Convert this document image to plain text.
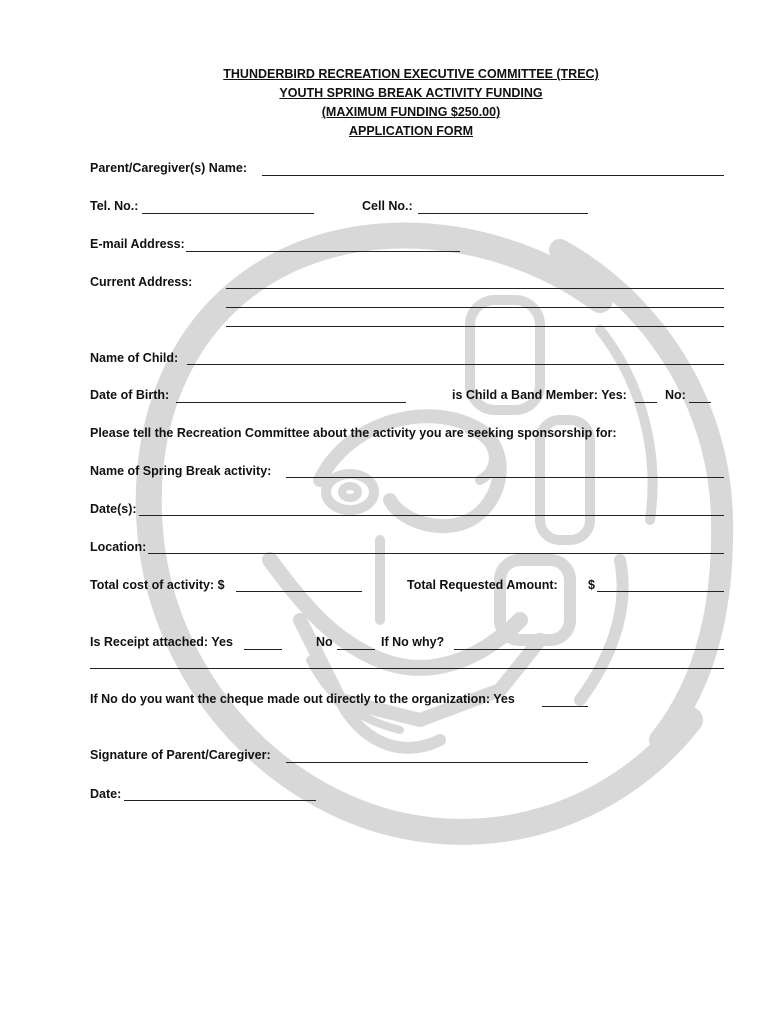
THUNDERBIRD RECREATION EXECUTIVE COMMITTEE (TREC)
YOUTH SPRING BREAK ACTIVITY FUNDING
(MAXIMUM FUNDING $250.00)
APPLICATION FORM
Parent/Caregiver(s) Name:
Tel. No.:	Cell No.:
E-mail Address:
Current Address:
Name of Child:
Date of Birth:	is Child a Band Member: Yes:	No:
Please tell the Recreation Committee about the activity you are seeking sponsorship for:
Name of Spring Break activity:
Date(s):
Location:
Total cost of activity: $	Total Requested Amount: $
Is Receipt attached: Yes	No	If No why?
If No do you want the cheque made out directly to the organization: Yes
Signature of Parent/Caregiver:
Date:
